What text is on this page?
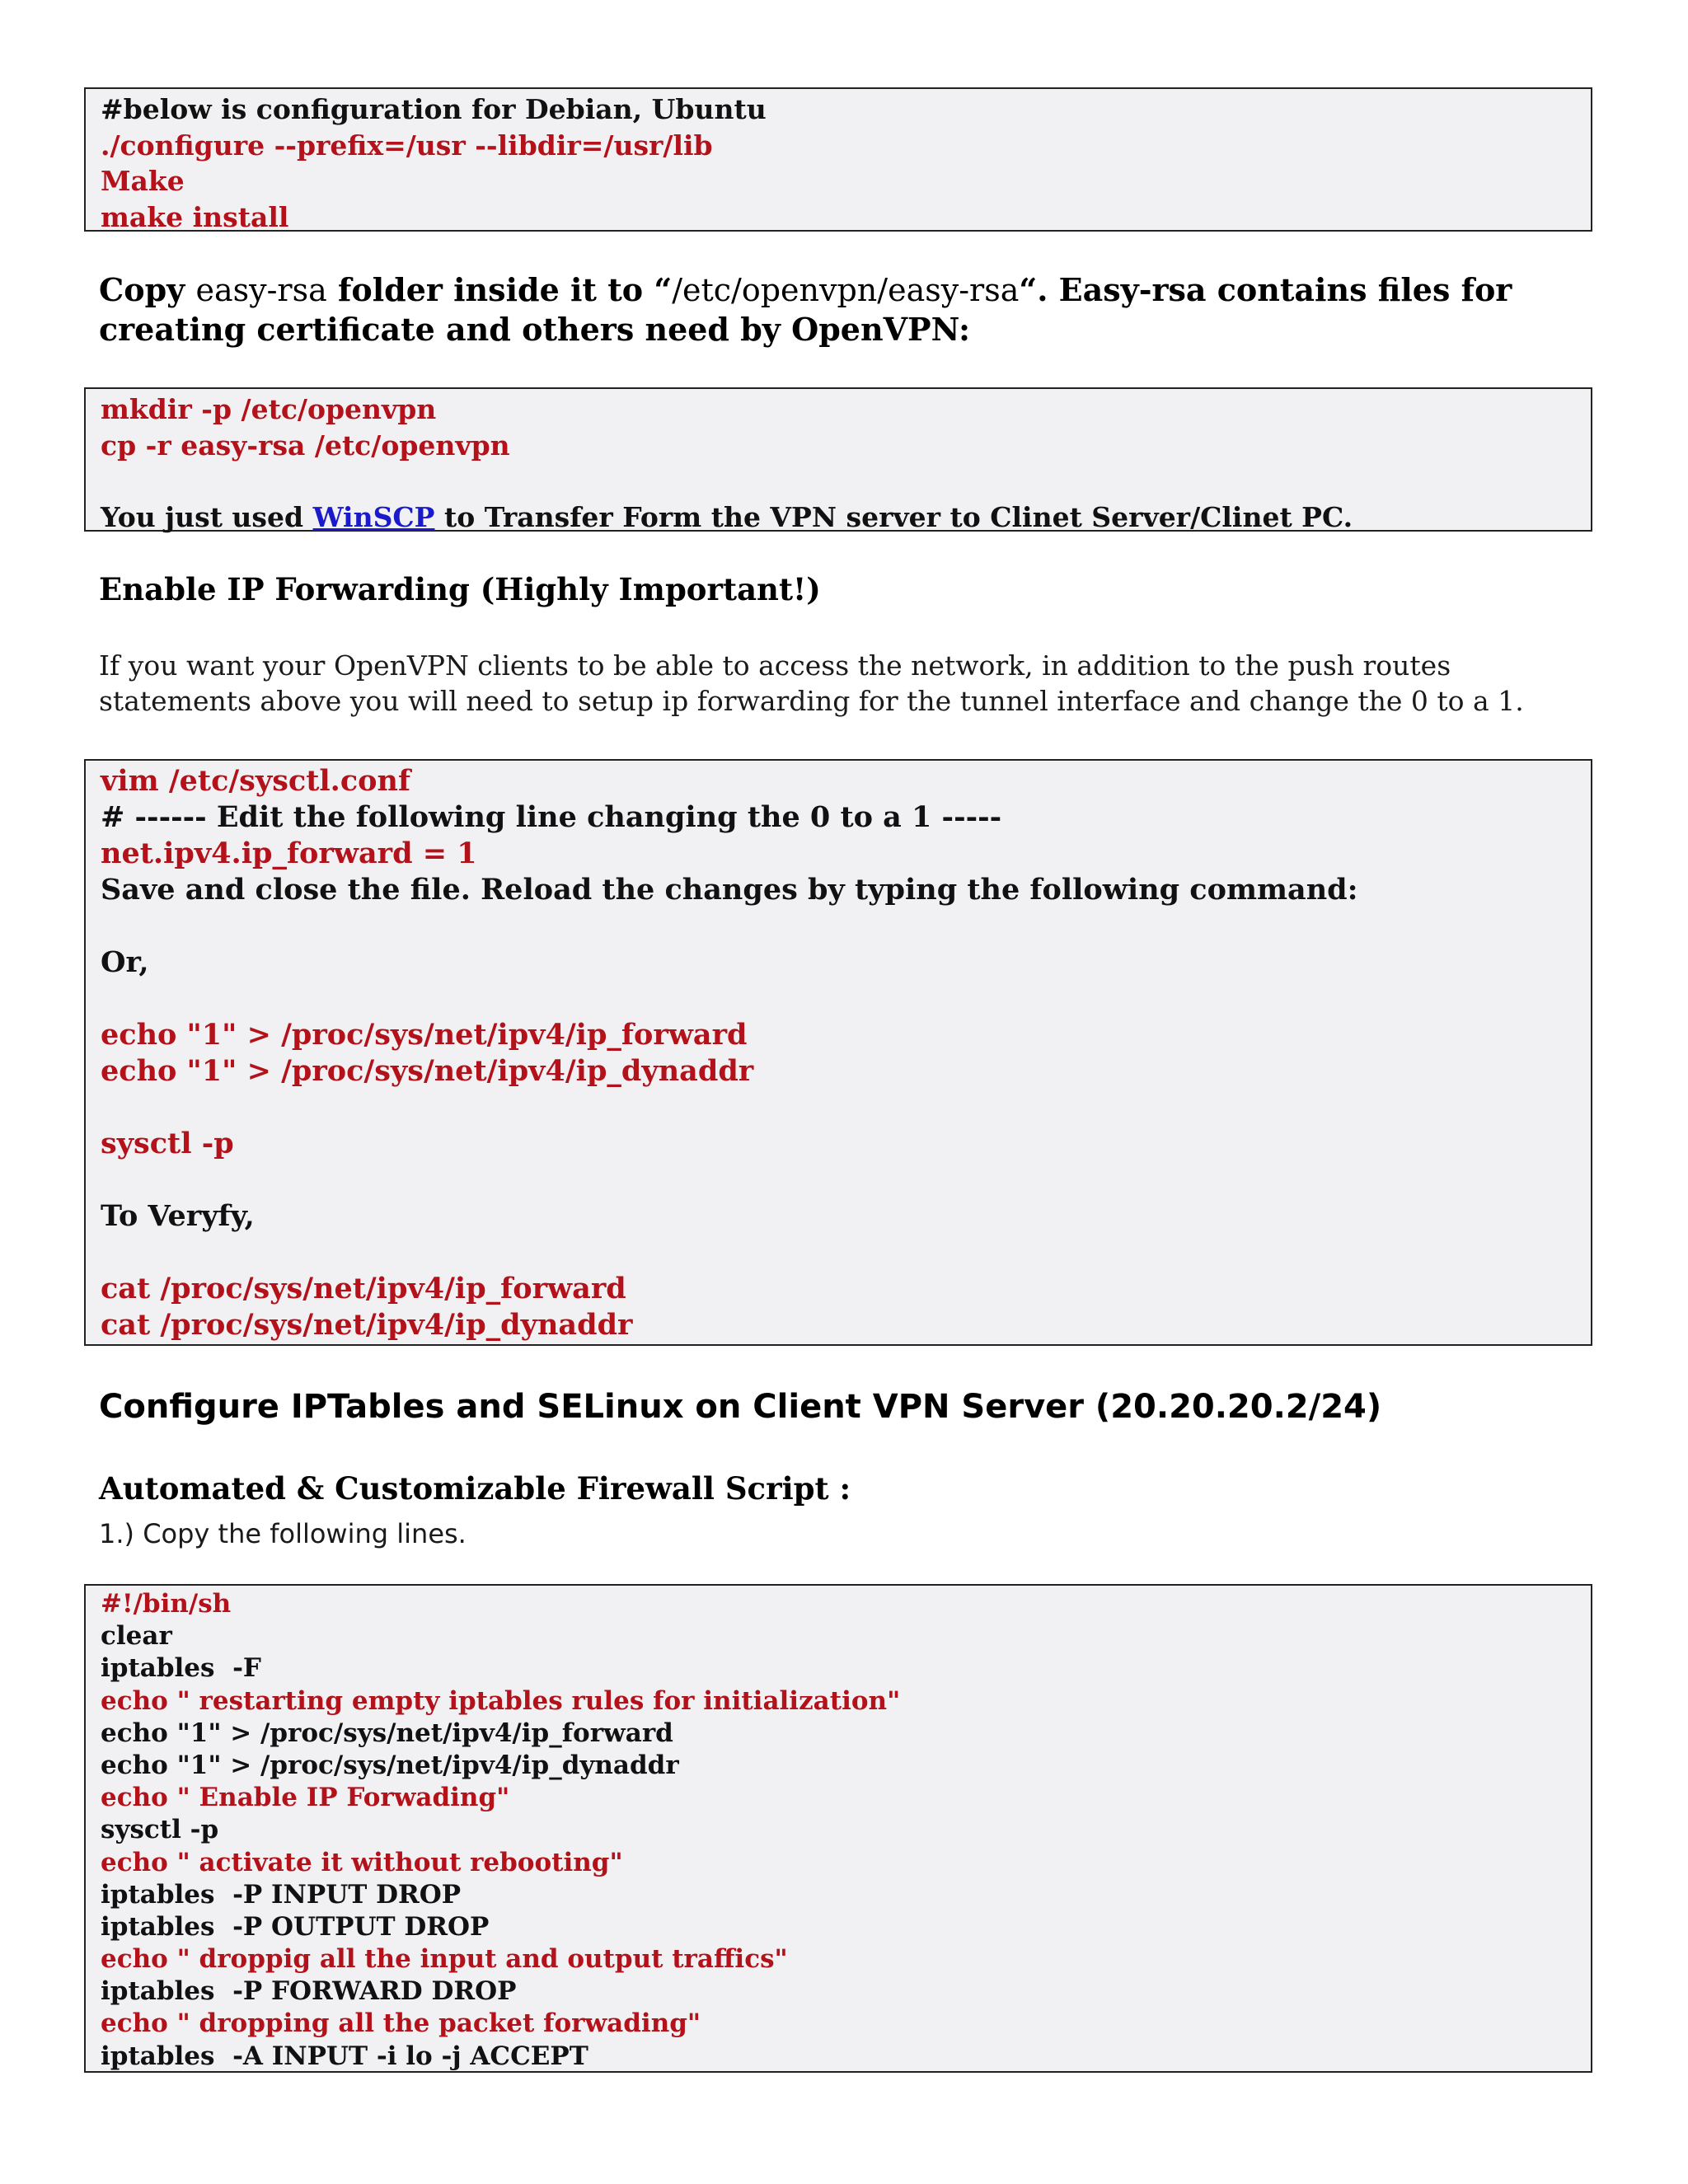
#below is configuration for Debian, Ubuntu
./configure --prefix=/usr --libdir=/usr/lib
Make
make install
Copy easy-rsa folder inside it to “/etc/openvpn/easy-rsa“. Easy-rsa contains files for creating certificate and others need by OpenVPN:
mkdir -p /etc/openvpn
cp -r easy-rsa /etc/openvpn
You just used WinSCP to Transfer Form the VPN server to Clinet Server/Clinet PC.
Enable IP Forwarding (Highly Important!)
If you want your OpenVPN clients to be able to access the network, in addition to the push routes statements above you will need to setup ip forwarding for the tunnel interface and change the 0 to a 1.
vim /etc/sysctl.conf
# ------ Edit the following line changing the 0 to a 1 -----
net.ipv4.ip_forward = 1
Save and close the file. Reload the changes by typing the following command:
Or,
echo "1" > /proc/sys/net/ipv4/ip_forward
echo "1" > /proc/sys/net/ipv4/ip_dynaddr
sysctl -p
To Veryfy,
cat /proc/sys/net/ipv4/ip_forward
cat /proc/sys/net/ipv4/ip_dynaddr
Configure IPTables and SELinux on Client VPN Server (20.20.20.2/24)
Automated & Customizable Firewall Script :
1.) Copy the following lines.
#!/bin/sh
clear
iptables  -F
echo " restarting empty iptables rules for initialization"
echo "1" > /proc/sys/net/ipv4/ip_forward
echo "1" > /proc/sys/net/ipv4/ip_dynaddr
echo " Enable IP Forwading"
sysctl -p
echo " activate it without rebooting"
iptables  -P INPUT DROP
iptables  -P OUTPUT DROP
echo " droppig all the input and output traffics"
iptables  -P FORWARD DROP
echo " dropping all the packet forwading"
iptables  -A INPUT -i lo -j ACCEPT
